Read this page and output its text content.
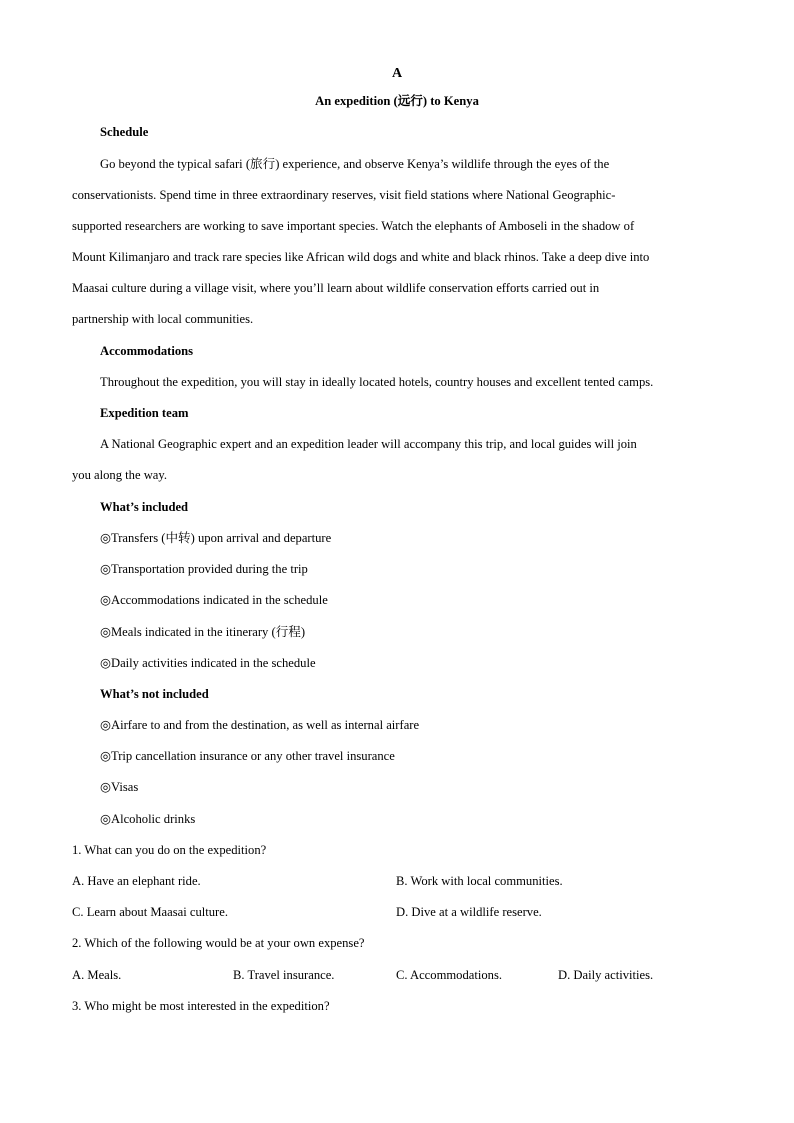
A
An expedition (远行) to Kenya
Schedule
Go beyond the typical safari (旅行) experience, and observe Kenya’s wildlife through the eyes of the
conservationists. Spend time in three extraordinary reserves, visit field stations where National Geographic-
supported researchers are working to save important species. Watch the elephants of Amboseli in the shadow of
Mount Kilimanjaro and track rare species like African wild dogs and white and black rhinos. Take a deep dive into
Maasai culture during a village visit, where you’ll learn about wildlife conservation efforts carried out in
partnership with local communities.
Accommodations
Throughout the expedition, you will stay in ideally located hotels, country houses and excellent tented camps.
Expedition team
A National Geographic expert and an expedition leader will accompany this trip, and local guides will join
you along the way.
What’s included
◎Transfers (中转) upon arrival and departure
◎Transportation provided during the trip
◎Accommodations indicated in the schedule
◎Meals indicated in the itinerary (行程)
◎Daily activities indicated in the schedule
What’s not included
◎Airfare to and from the destination, as well as internal airfare
◎Trip cancellation insurance or any other travel insurance
◎Visas
◎Alcoholic drinks
1. What can you do on the expedition?
A. Have an elephant ride.	B. Work with local communities.
C. Learn about Maasai culture.	D. Dive at a wildlife reserve.
2. Which of the following would be at your own expense?
A. Meals.	B. Travel insurance.	C. Accommodations.	D. Daily activities.
3. Who might be most interested in the expedition?
